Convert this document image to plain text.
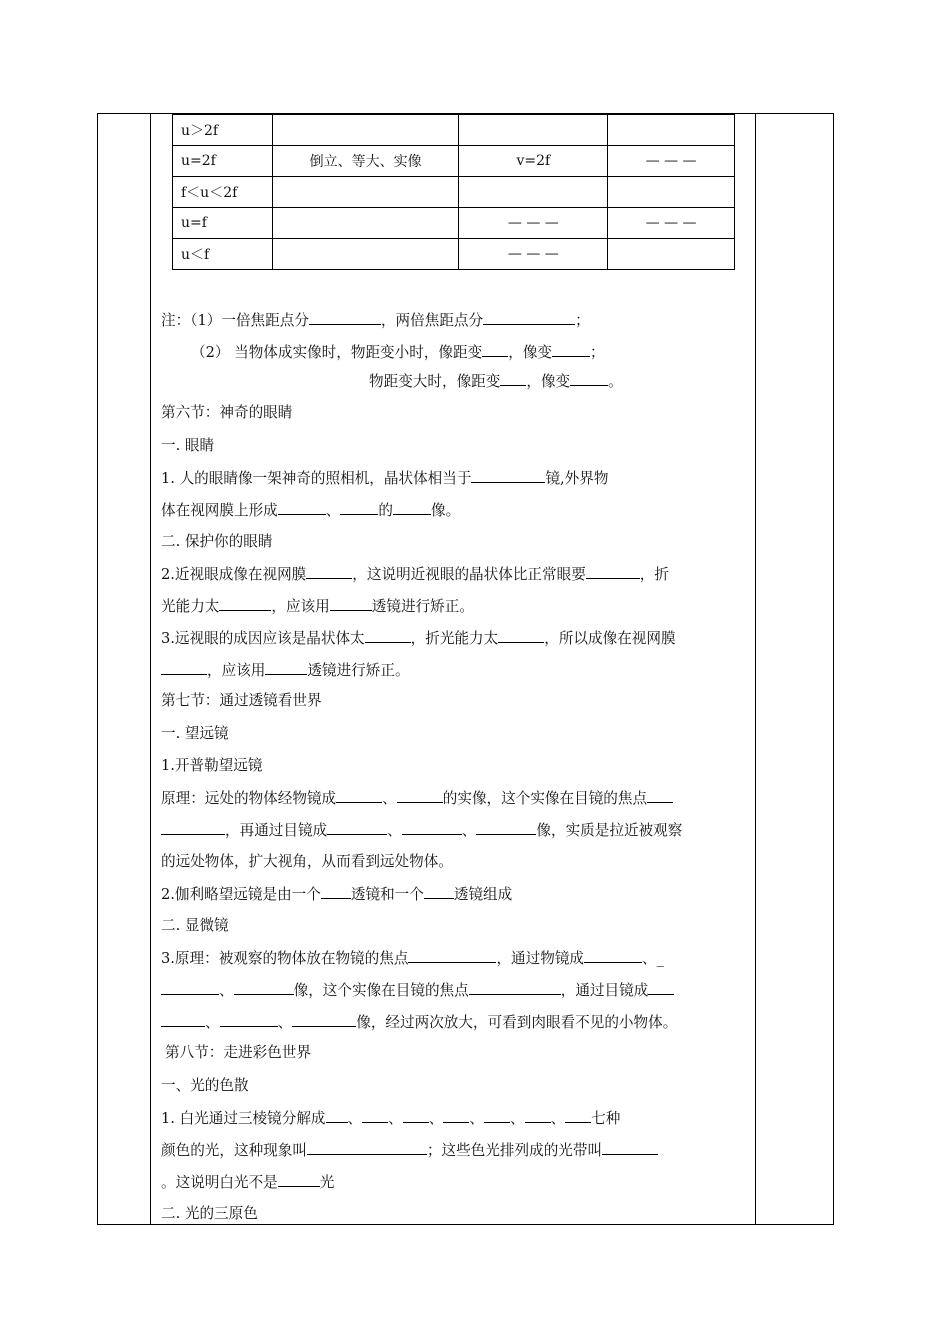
u＞2f			
u=2f	倒立、等大、实像	v=2f	— — —
f＜u＜2f			
u=f		— — —	— — —
u＜f		— — —	
注：（1）一倍焦距点分	，两倍焦距点分	；
（2） 当物体成实像时，物距变小时，像距变 ，像变	；
物距变大时，像距变 ，像变	。
第六节：神奇的眼睛
一. 眼睛
1. 人的眼睛像一架神奇的照相机，晶状体相当于	镜,外界物
体在视网膜上形成	、	的	像。
二. 保护你的眼睛
2.近视眼成像在视网膜	，这说明近视眼的晶状体比正常眼要	，折
光能力太	，应该用	透镜进行矫正。
3.远视眼的成因应该是晶状体太	，折光能力太	，所以成像在视网膜
，应该用	透镜进行矫正。
第七节：通过透镜看世界
一. 望远镜
1.开普勒望远镜
原理：远处的物体经物镜成	、	的实像，这个实像在目镜的焦点
，再通过目镜成	、	、	像，实质是拉近被观察
的远处物体，扩大视角，从而看到远处物体。
2.伽利略望远镜是由一个 透镜和一个 透镜组成
二. 显微镜
3.原理：被观察的物体放在物镜的焦点	，通过物镜成	、_
、	像，这个实像在目镜的焦点	，通过目镜成
、	、	像，经过两次放大，可看到肉眼看不见的小物体。
第八节：走进彩色世界
一、光的色散
1. 白光通过三棱镜分解成 、 、 、 、 、 、 七种
颜色的光，这种现象叫	；这些色光排列成的光带叫
。这说明白光不是	光
二. 光的三原色
